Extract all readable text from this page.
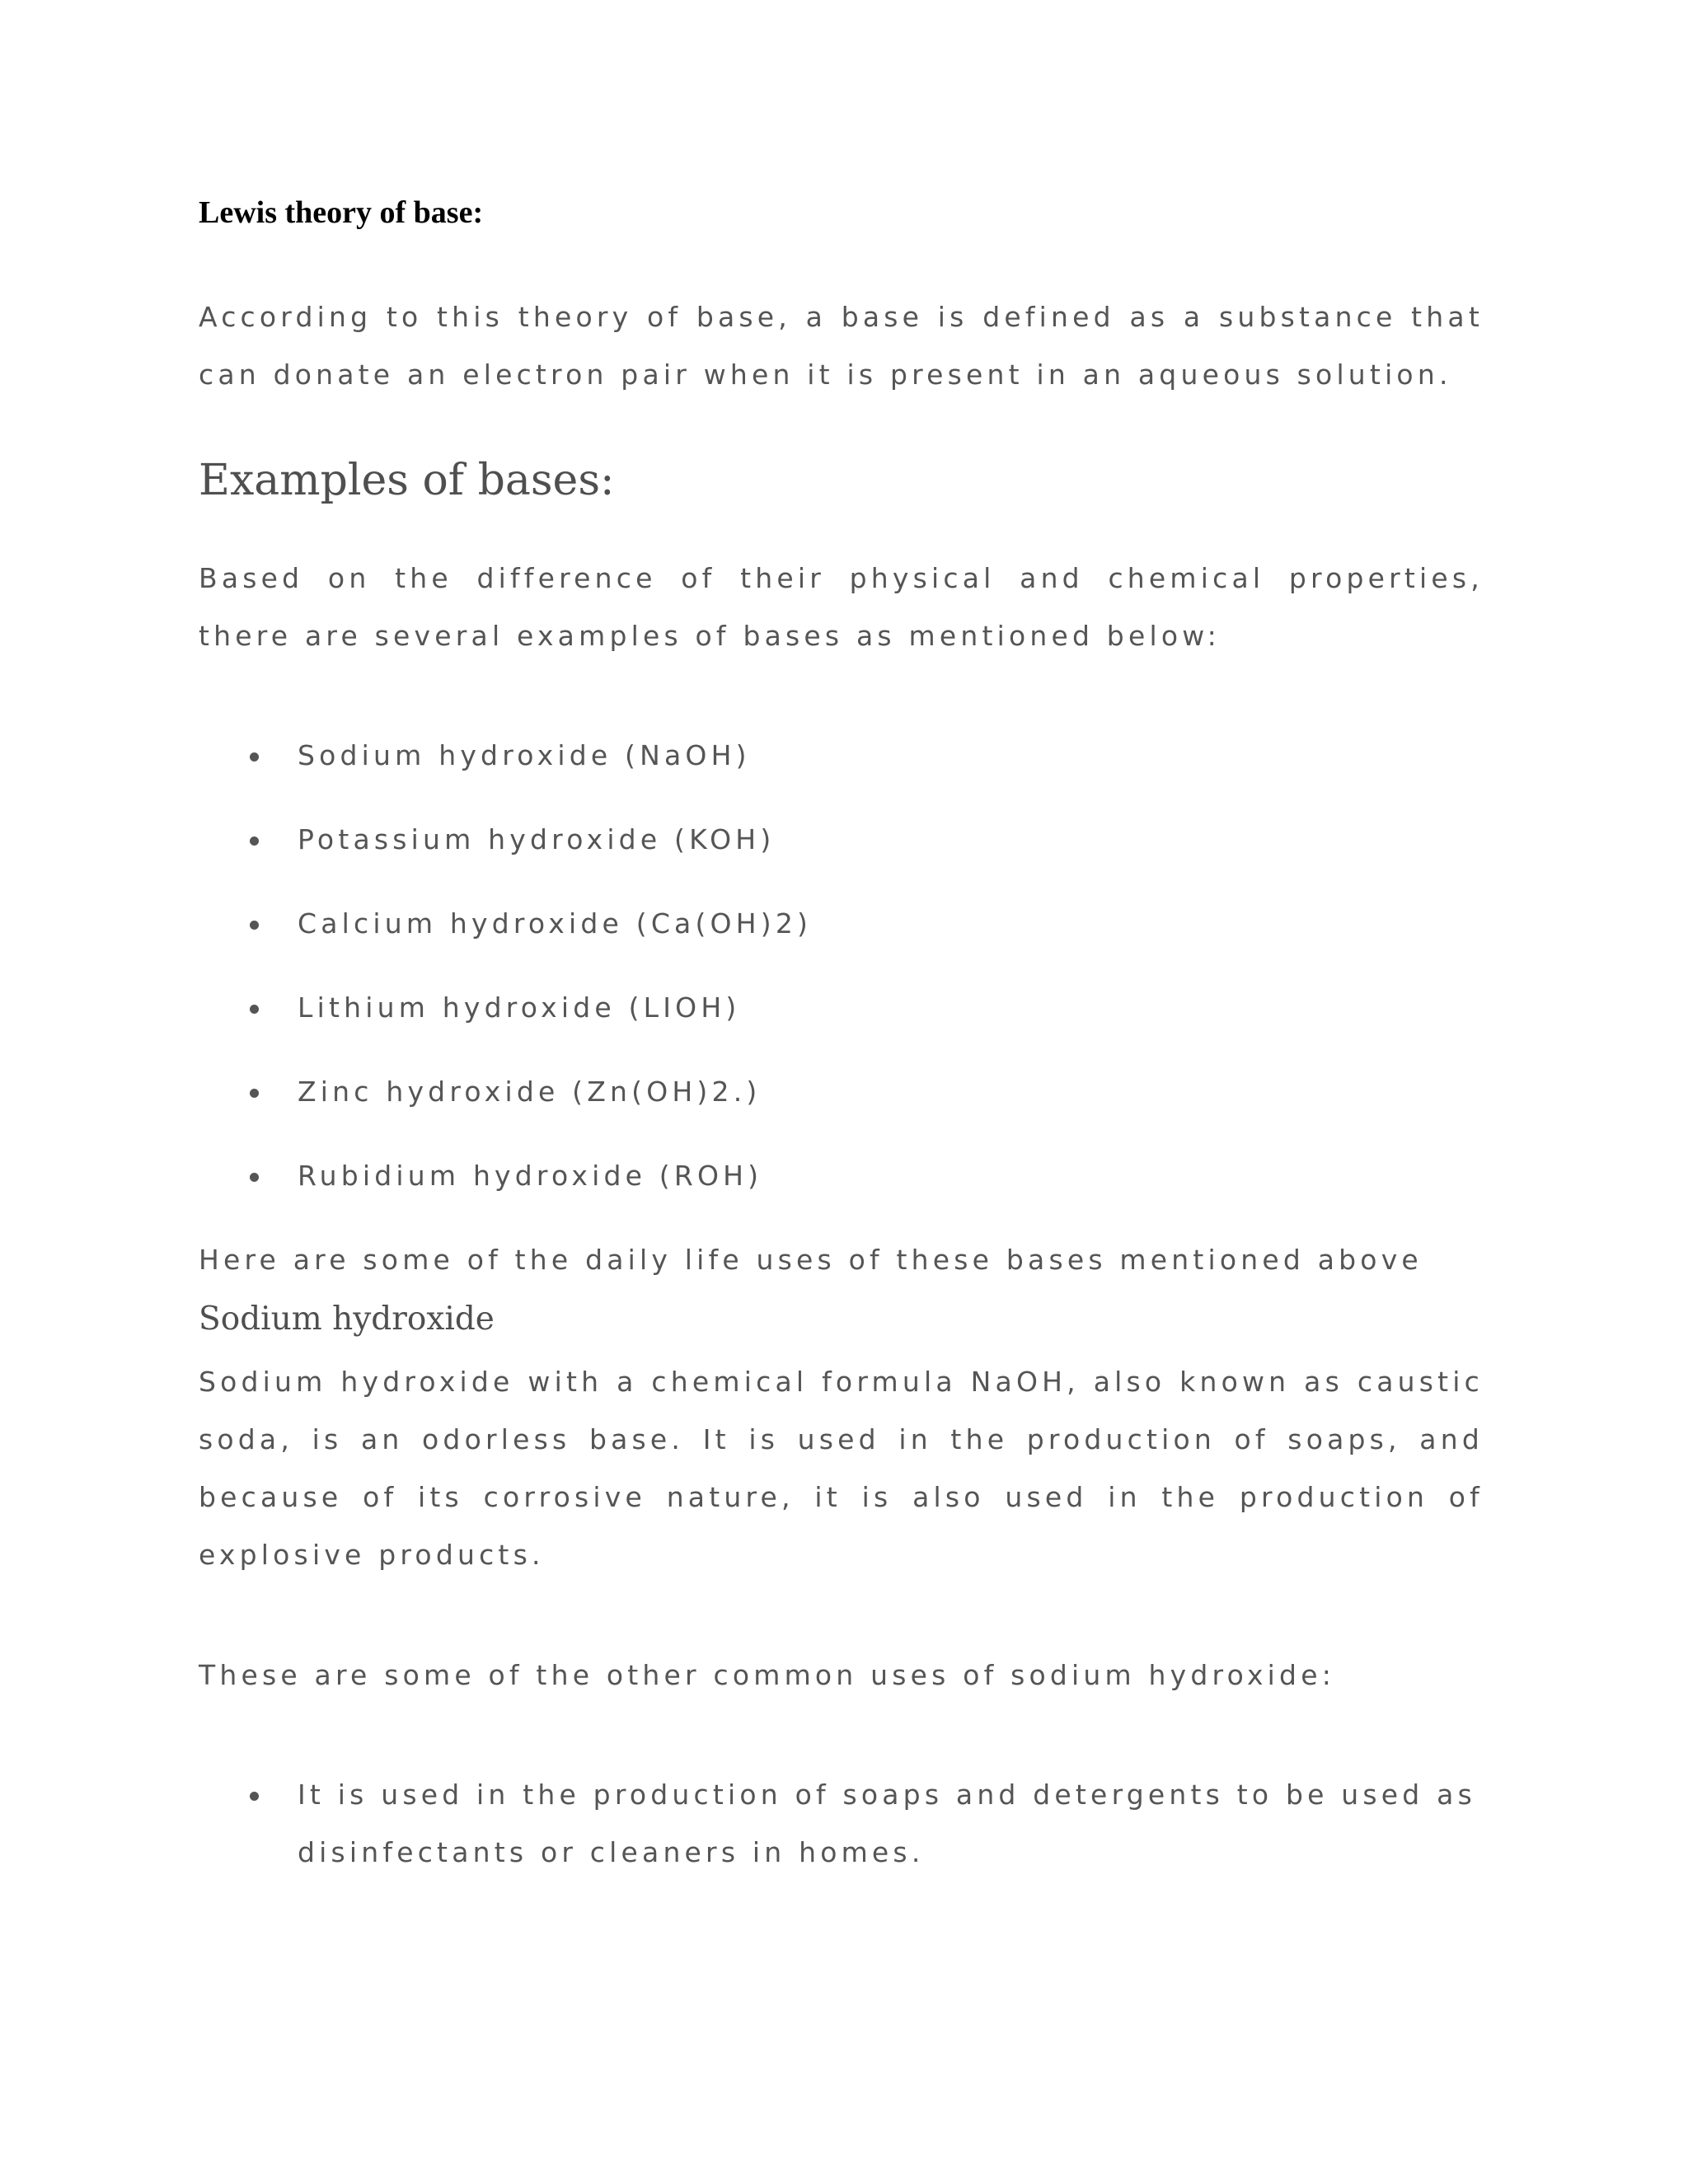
Lewis theory of base:

According to this theory of base, a base is defined as a substance that can donate an electron pair when it is present in an aqueous solution.

Examples of bases:

Based on the difference of their physical and chemical properties, there are several examples of bases as mentioned below:

Sodium hydroxide (NaOH)
Potassium hydroxide (KOH)
Calcium hydroxide (Ca(OH)2)
Lithium hydroxide (LIOH)
Zinc hydroxide (Zn(OH)2.)
Rubidium hydroxide (ROH)

Here are some of the daily life uses of these bases mentioned above

Sodium hydroxide

Sodium hydroxide with a chemical formula NaOH, also known as caustic soda, is an odorless base. It is used in the production of soaps, and because of its corrosive nature, it is also used in the production of explosive products.

These are some of the other common uses of sodium hydroxide:

It is used in the production of soaps and detergents to be used as disinfectants or cleaners in homes.
